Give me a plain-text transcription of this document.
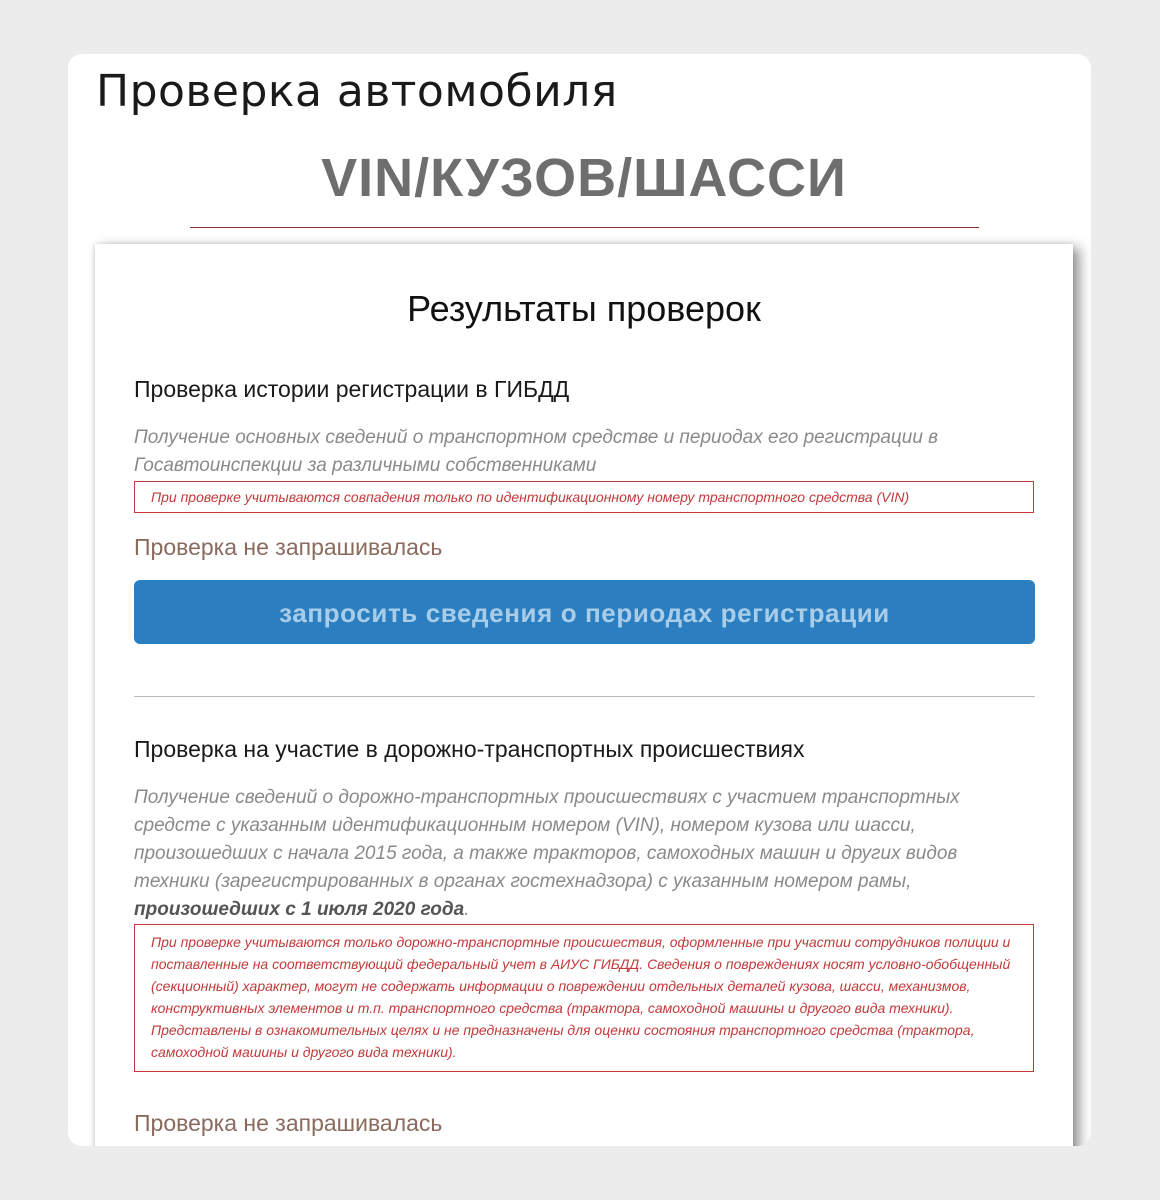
Проверка автомобиля
VIN/КУЗОВ/ШАССИ
Результаты проверок
Проверка истории регистрации в ГИБДД
Получение основных сведений о транспортном средстве и периодах его регистрации в Госавтоинспекции за различными собственниками
При проверке учитываются совпадения только по идентификационному номеру транспортного средства (VIN)
Проверка не запрашивалась
запросить сведения о периодах регистрации
Проверка на участие в дорожно-транспортных происшествиях
Получение сведений о дорожно-транспортных происшествиях с участием транспортных средсте с указанным идентификационным номером (VIN), номером кузова или шасси, произошедших с начала 2015 года, а также тракторов, самоходных машин и других видов техники (зарегистрированных в органах гостехнадзора) с указанным номером рамы, произошедших с 1 июля 2020 года.
При проверке учитываются только дорожно-транспортные происшествия, оформленные при участии сотрудников полиции и поставленные на соответствующий федеральный учет в АИУС ГИБДД. Сведения о повреждениях носят условно-обобщенный (секционный) характер, могут не содержать информации о повреждении отдельных деталей кузова, шасси, механизмов, конструктивных элементов и т.п. транспортного средства (трактора, самоходной машины и другого вида техники). Представлены в ознакомительных целях и не предназначены для оценки состояния транспортного средства (трактора, самоходной машины и другого вида техники).
Проверка не запрашивалась
